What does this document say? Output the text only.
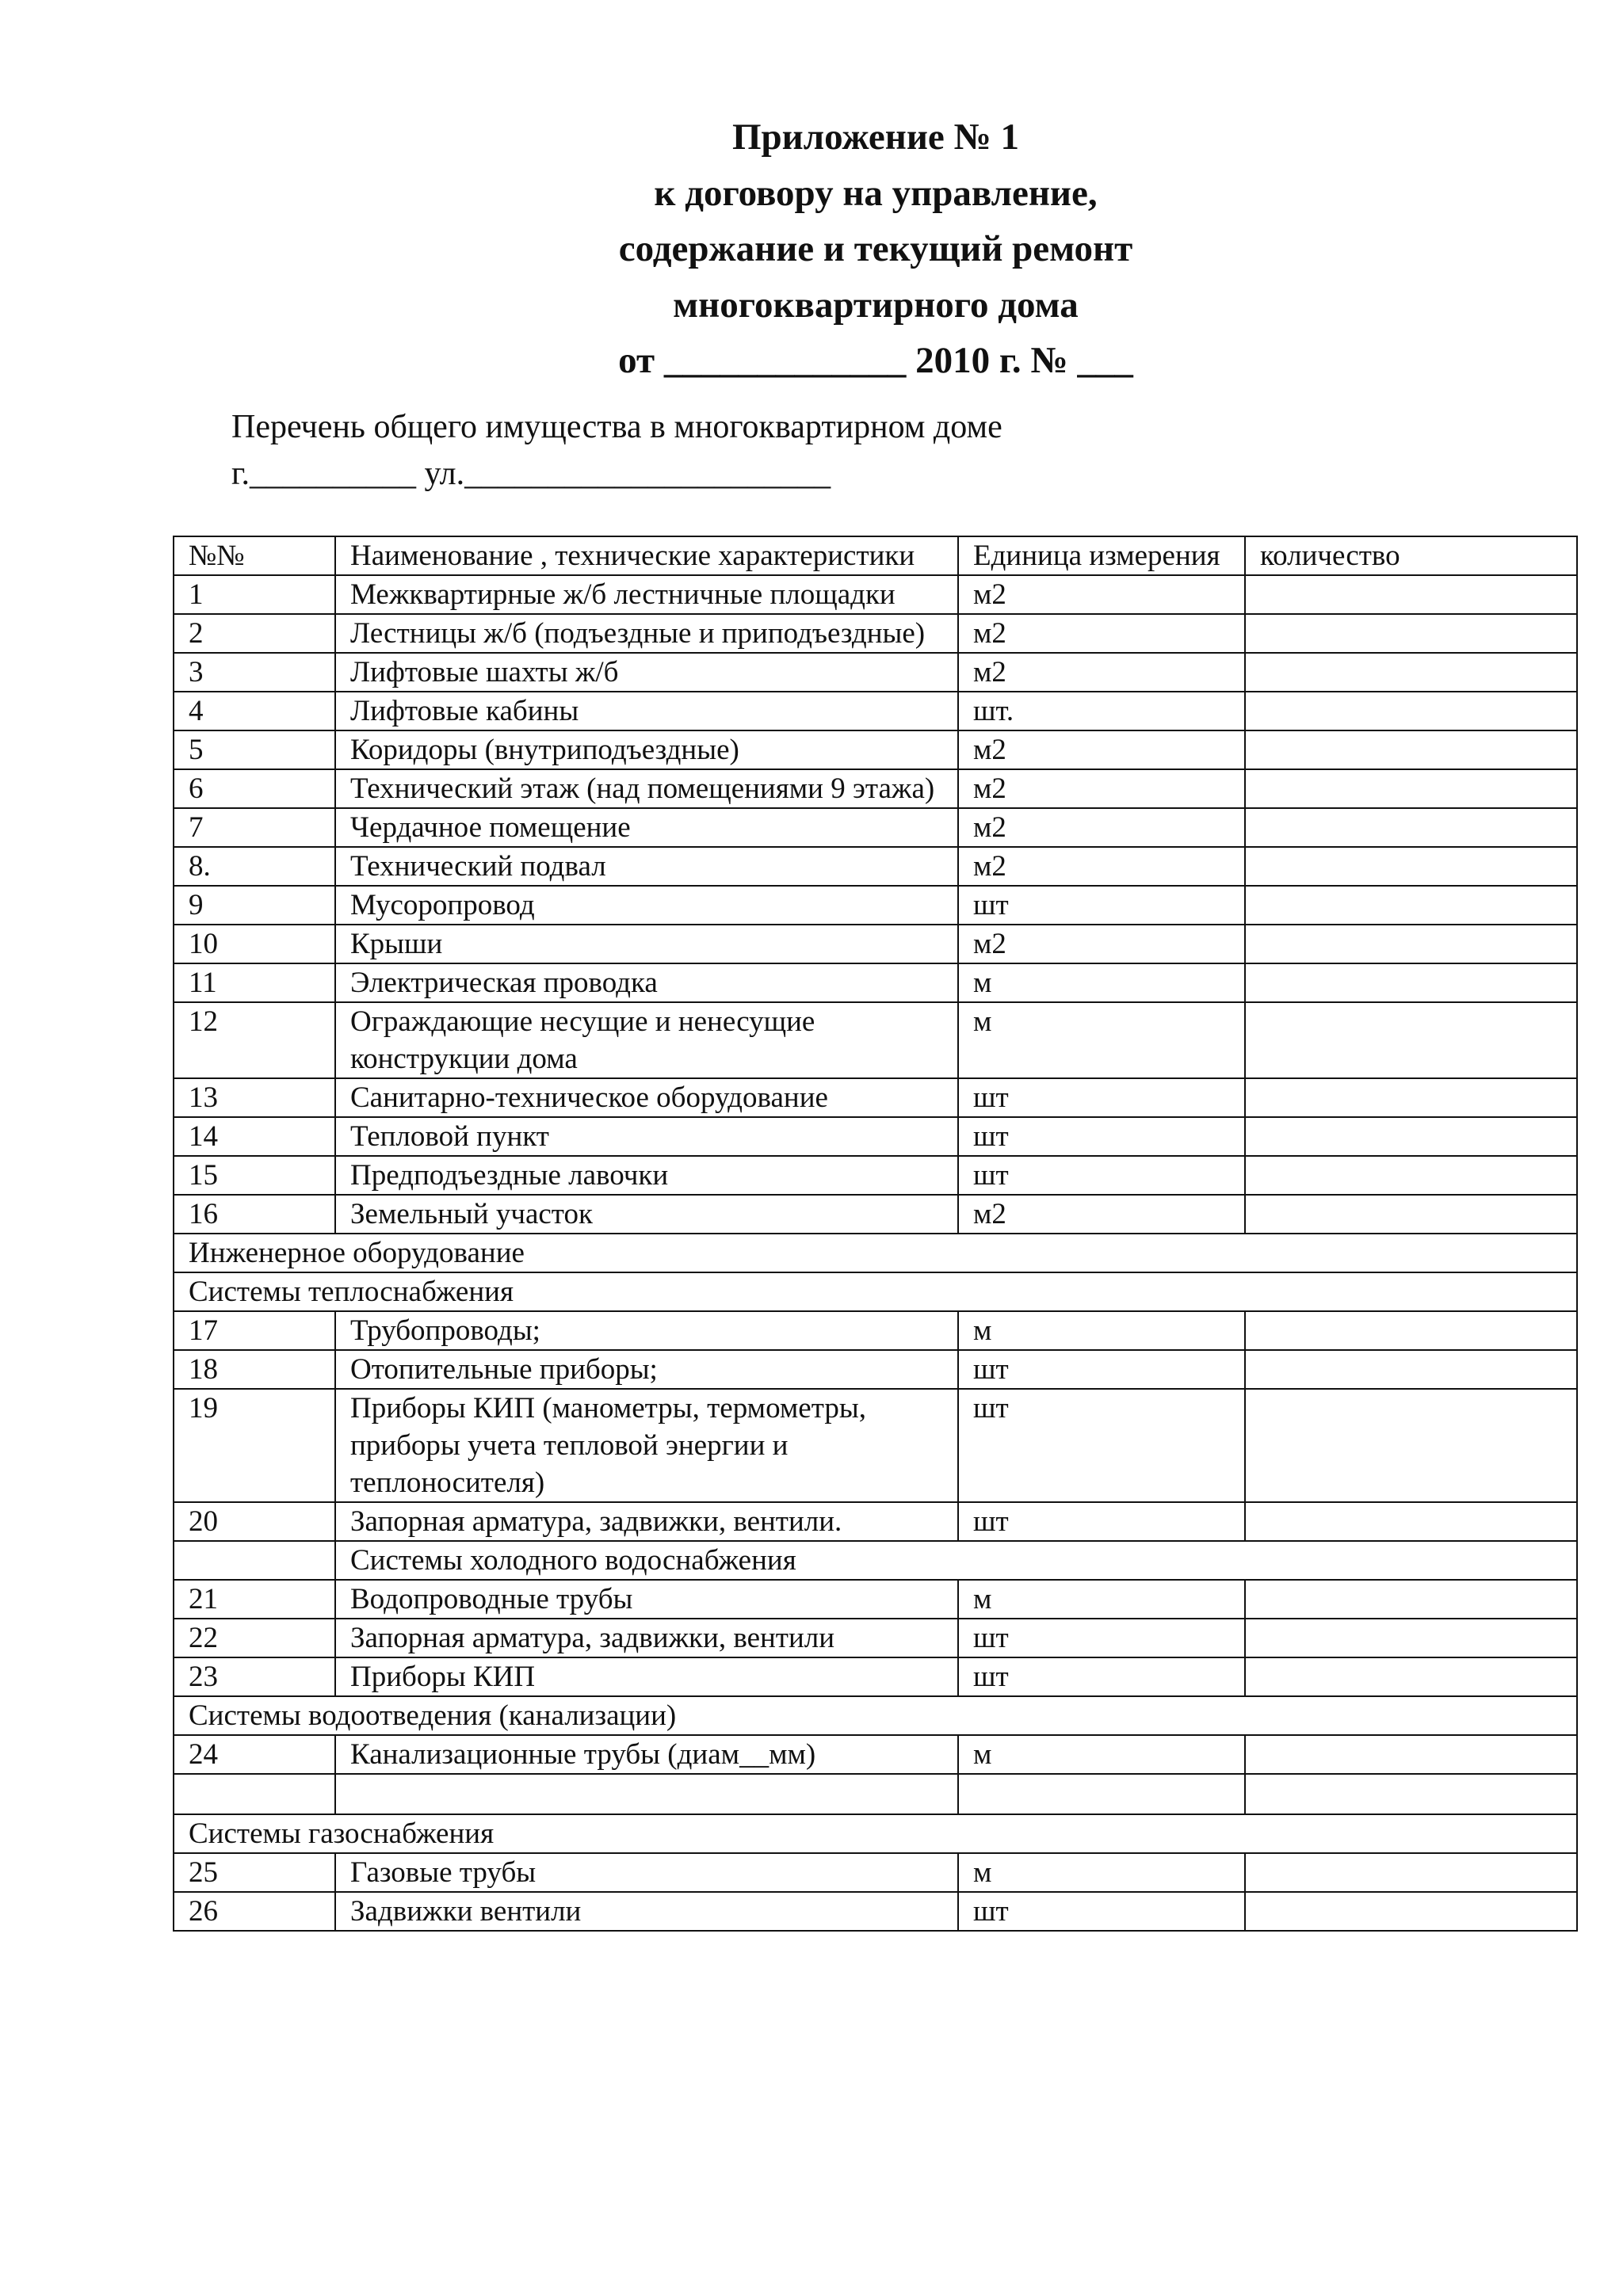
Приложение № 1
к договору на управление,
содержание и текущий ремонт
многоквартирного дома
от _____________ 2010 г. № ___
Перечень общего имущества в многоквартирном доме
г.__________ ул.______________________
№№	Наименование , технические характеристики	Единица измерения	количество
1	Межквартирные ж/б лестничные площадки	м2	
2	Лестницы ж/б (подъездные и приподъездные)	м2	
3	Лифтовые шахты ж/б	м2	
4	Лифтовые кабины	шт.	
5	Коридоры (внутриподъездные)	м2	
6	Технический этаж (над помещениями 9 этажа)	м2	
7	Чердачное помещение	м2	
8.	Технический подвал	м2	
9	Мусоропровод	шт	
10	Крыши	м2	
11	Электрическая проводка	м	
12	Ограждающие несущие и ненесущие конструкции дома	м	
13	Санитарно-техническое оборудование	шт	
14	Тепловой пункт	шт	
15	Предподъездные лавочки	шт	
16	Земельный участок	м2	
Инженерное оборудование			
Системы теплоснабжения			
17	Трубопроводы;	м	
18	Отопительные приборы;	шт	
19	Приборы КИП (манометры, термометры, приборы учета тепловой энергии и теплоносителя)	шт	
20	Запорная арматура, задвижки, вентили.	шт	
	Системы холодного водоснабжения		
21	Водопроводные трубы	м	
22	Запорная арматура, задвижки, вентили	шт	
23	Приборы КИП	шт	
Системы водоотведения (канализации)			
24	Канализационные трубы (диам__мм)	м	

Системы газоснабжения			
25	Газовые трубы	м	
26	Задвижки вентили	шт	
